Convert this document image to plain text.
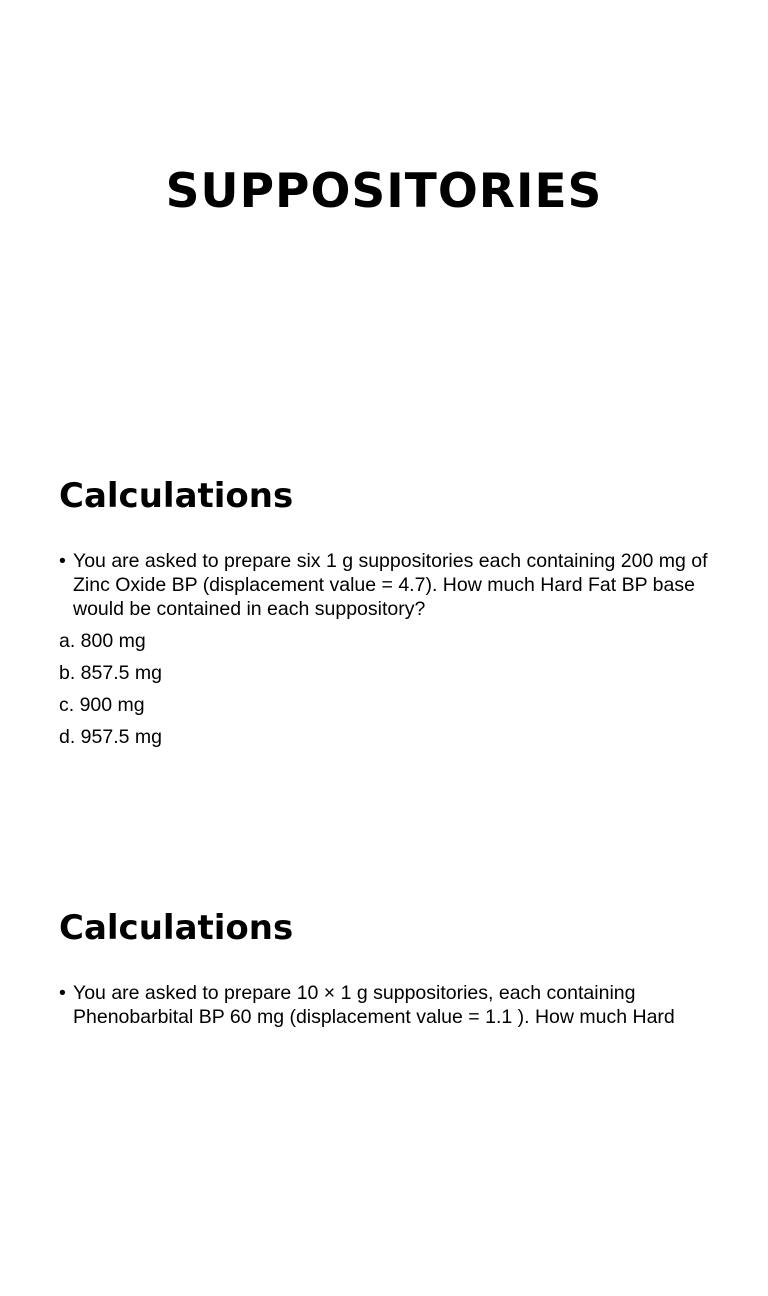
SUPPOSITORIES
Calculations

• You are asked to prepare six 1 g suppositories each containing 200 mg of Zinc Oxide BP (displacement value = 4.7). How much Hard Fat BP base would be contained in each suppository?

a. 800 mg
b. 857.5 mg
c. 900 mg
d. 957.5 mg
Calculations

• You are asked to prepare 10 × 1 g suppositories, each containing Phenobarbital BP 60 mg (displacement value = 1.1 ). How much Hard
